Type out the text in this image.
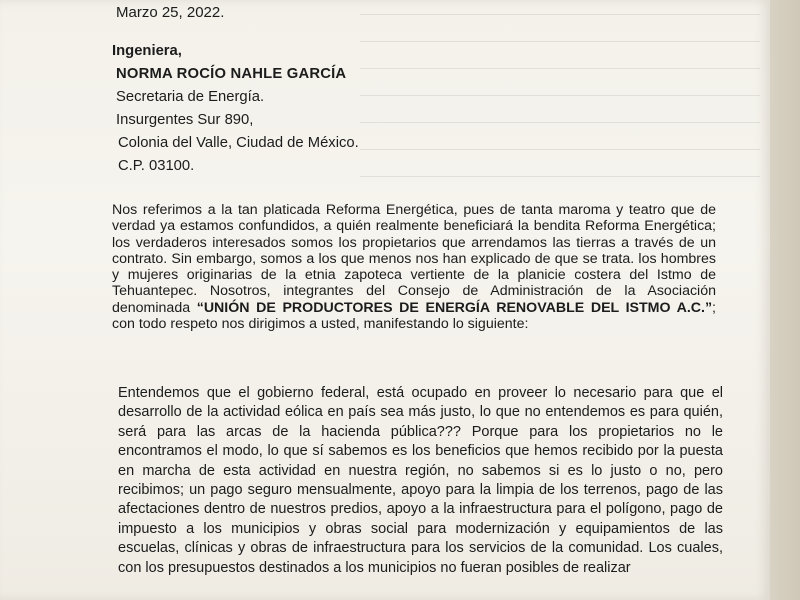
Marzo 25, 2022.
Ingeniera,
NORMA ROCÍO NAHLE GARCÍA
Secretaria de Energía.
Insurgentes Sur 890,
Colonia del Valle, Ciudad de México.
C.P. 03100.
Nos referimos a la tan platicada Reforma Energética, pues de tanta maroma y teatro que de verdad ya estamos confundidos, a quién realmente beneficiará la bendita Reforma Energética; los verdaderos interesados somos los propietarios que arrendamos las tierras a través de un contrato. Sin embargo, somos a los que menos nos han explicado de que se trata. los hombres y mujeres originarias de la etnia zapoteca vertiente de la planicie costera del Istmo de Tehuantepec. Nosotros, integrantes del Consejo de Administración de la Asociación denominada “UNIÓN DE PRODUCTORES DE ENERGÍA RENOVABLE DEL ISTMO A.C.”; con todo respeto nos dirigimos a usted, manifestando lo siguiente:
Entendemos que el gobierno federal, está ocupado en proveer lo necesario para que el desarrollo de la actividad eólica en país sea más justo, lo que no entendemos es para quién, será para las arcas de la hacienda pública??? Porque para los propietarios no le encontramos el modo, lo que sí sabemos es los beneficios que hemos recibido por la puesta en marcha de esta actividad en nuestra región, no sabemos si es lo justo o no, pero recibimos; un pago seguro mensualmente, apoyo para la limpia de los terrenos, pago de las afectaciones dentro de nuestros predios, apoyo a la infraestructura para el polígono, pago de impuesto a los municipios y obras social para modernización y equipamientos de las escuelas, clínicas y obras de infraestructura para los servicios de la comunidad. Los cuales, con los presupuestos destinados a los municipios no fueran posibles de realizar
